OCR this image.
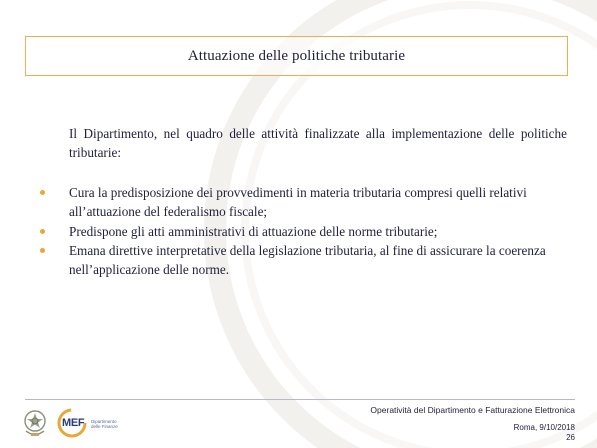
Attuazione delle politiche tributarie
Il Dipartimento, nel quadro delle attività finalizzate alla implementazione delle politiche tributarie:
Cura la predisposizione dei provvedimenti in materia tributaria compresi quelli relativi all’attuazione del federalismo fiscale;
Predispone gli atti amministrativi di attuazione delle norme tributarie;
Emana direttive interpretative della legislazione tributaria, al fine di assicurare la coerenza nell’applicazione delle norme.
MEF Dipartimento delle Finanze
Operatività del Dipartimento e Fatturazione Elettronica
Roma, 9/10/2018
26
